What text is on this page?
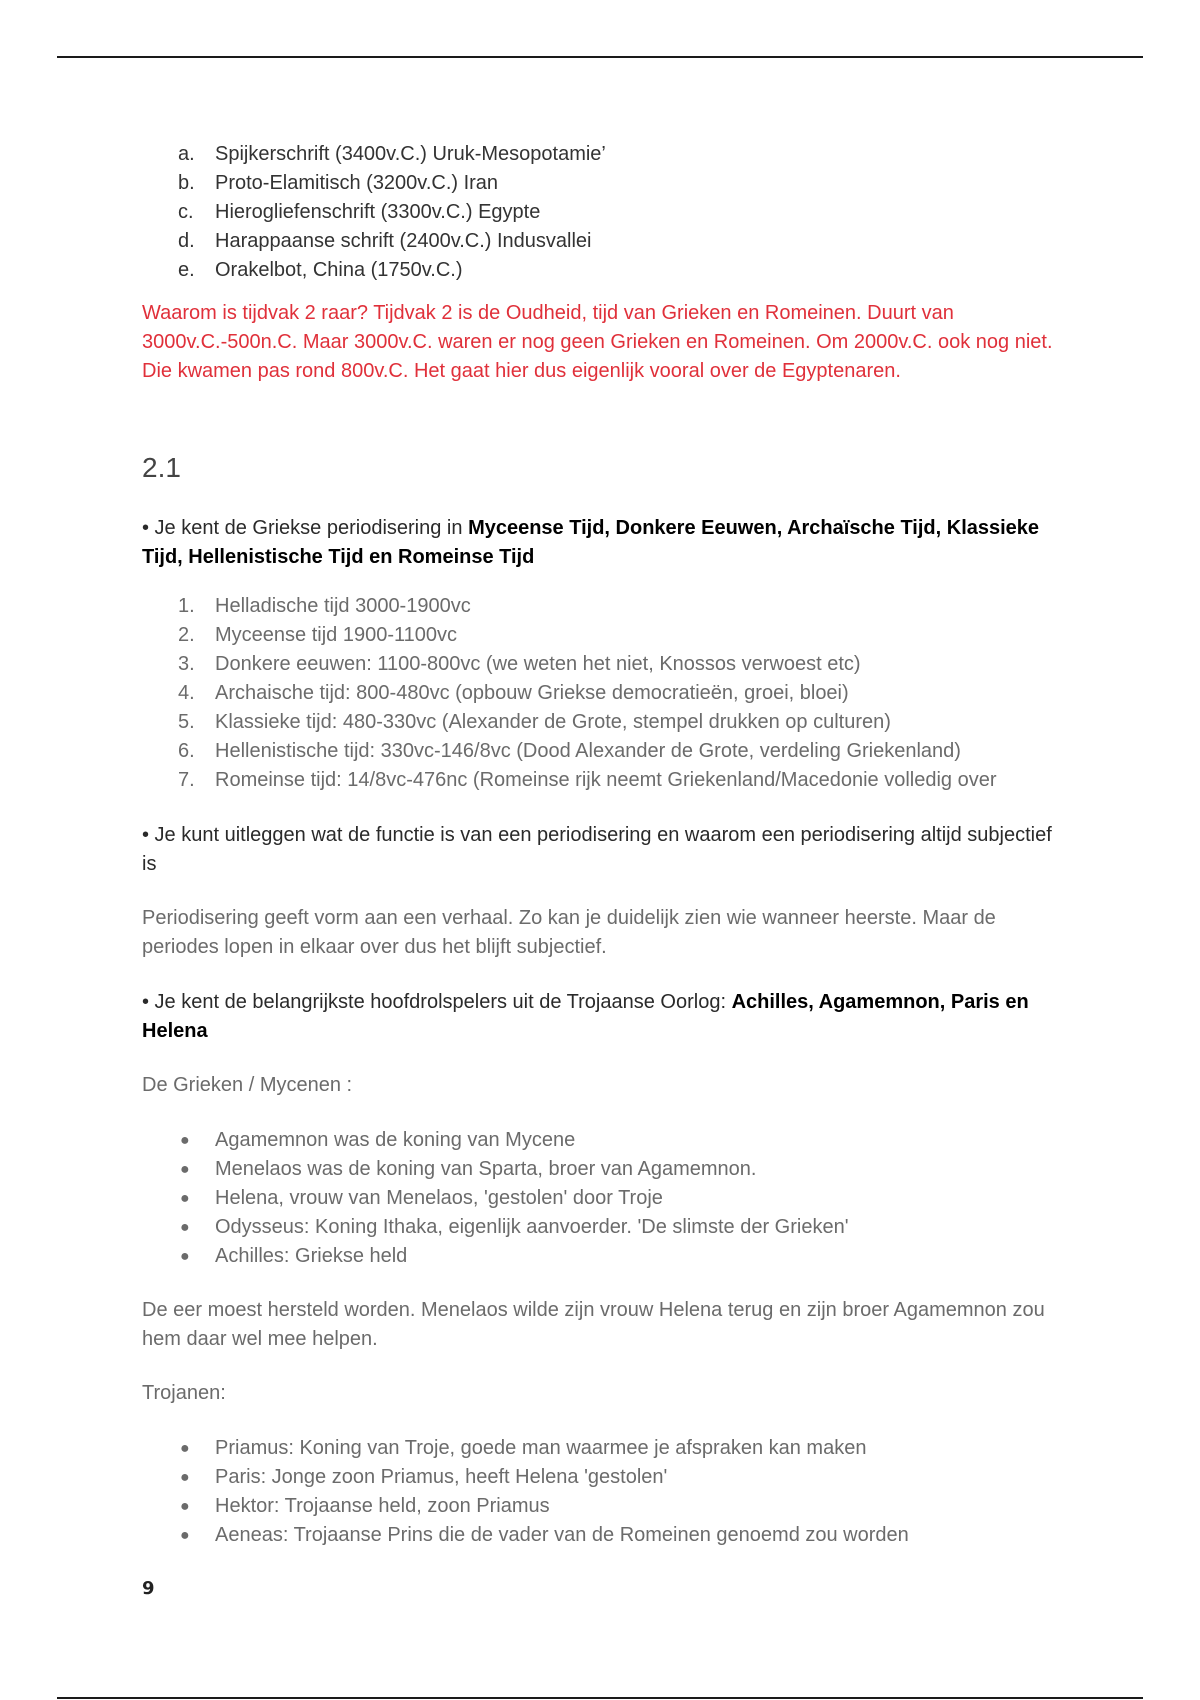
a.	Spijkerschrift (3400v.C.) Uruk-Mesopotamie’
b.	Proto-Elamitisch (3200v.C.) Iran
c.	Hierogliefenschrift (3300v.C.) Egypte
d.	Harappaanse schrift (2400v.C.) Indusvallei
e.	Orakelbot, China (1750v.C.)

Waarom is tijdvak 2 raar? Tijdvak 2 is de Oudheid, tijd van Grieken en Romeinen. Duurt van 3000v.C.-500n.C. Maar 3000v.C. waren er nog geen Grieken en Romeinen. Om 2000v.C. ook nog niet. Die kwamen pas rond 800v.C. Het gaat hier dus eigenlijk vooral over de Egyptenaren.

2.1

• Je kent de Griekse periodisering in Myceense Tijd, Donkere Eeuwen, Archaïsche Tijd, Klassieke Tijd, Hellenistische Tijd en Romeinse Tijd

1.	Helladische tijd 3000-1900vc
2.	Myceense tijd 1900-1100vc
3.	Donkere eeuwen: 1100-800vc (we weten het niet, Knossos verwoest etc)
4.	Archaische tijd: 800-480vc (opbouw Griekse democratieën, groei, bloei)
5.	Klassieke tijd: 480-330vc (Alexander de Grote, stempel drukken op culturen)
6.	Hellenistische tijd: 330vc-146/8vc (Dood Alexander de Grote, verdeling Griekenland)
7.	Romeinse tijd: 14/8vc-476nc (Romeinse rijk neemt Griekenland/Macedonie volledig over

• Je kunt uitleggen wat de functie is van een periodisering en waarom een periodisering altijd subjectief is

Periodisering geeft vorm aan een verhaal. Zo kan je duidelijk zien wie wanneer heerste. Maar de periodes lopen in elkaar over dus het blijft subjectief.

• Je kent de belangrijkste hoofdrolspelers uit de Trojaanse Oorlog: Achilles, Agamemnon, Paris en Helena

De Grieken / Mycenen :

●	Agamemnon was de koning van Mycene
●	Menelaos was de koning van Sparta, broer van Agamemnon.
●	Helena, vrouw van Menelaos, 'gestolen' door Troje
●	Odysseus: Koning Ithaka, eigenlijk aanvoerder. 'De slimste der Grieken'
●	Achilles: Griekse held

De eer moest hersteld worden. Menelaos wilde zijn vrouw Helena terug en zijn broer Agamemnon zou hem daar wel mee helpen.

Trojanen:

●	Priamus: Koning van Troje, goede man waarmee je afspraken kan maken
●	Paris: Jonge zoon Priamus, heeft Helena 'gestolen'
●	Hektor: Trojaanse held, zoon Priamus
●	Aeneas: Trojaanse Prins die de vader van de Romeinen genoemd zou worden
9
